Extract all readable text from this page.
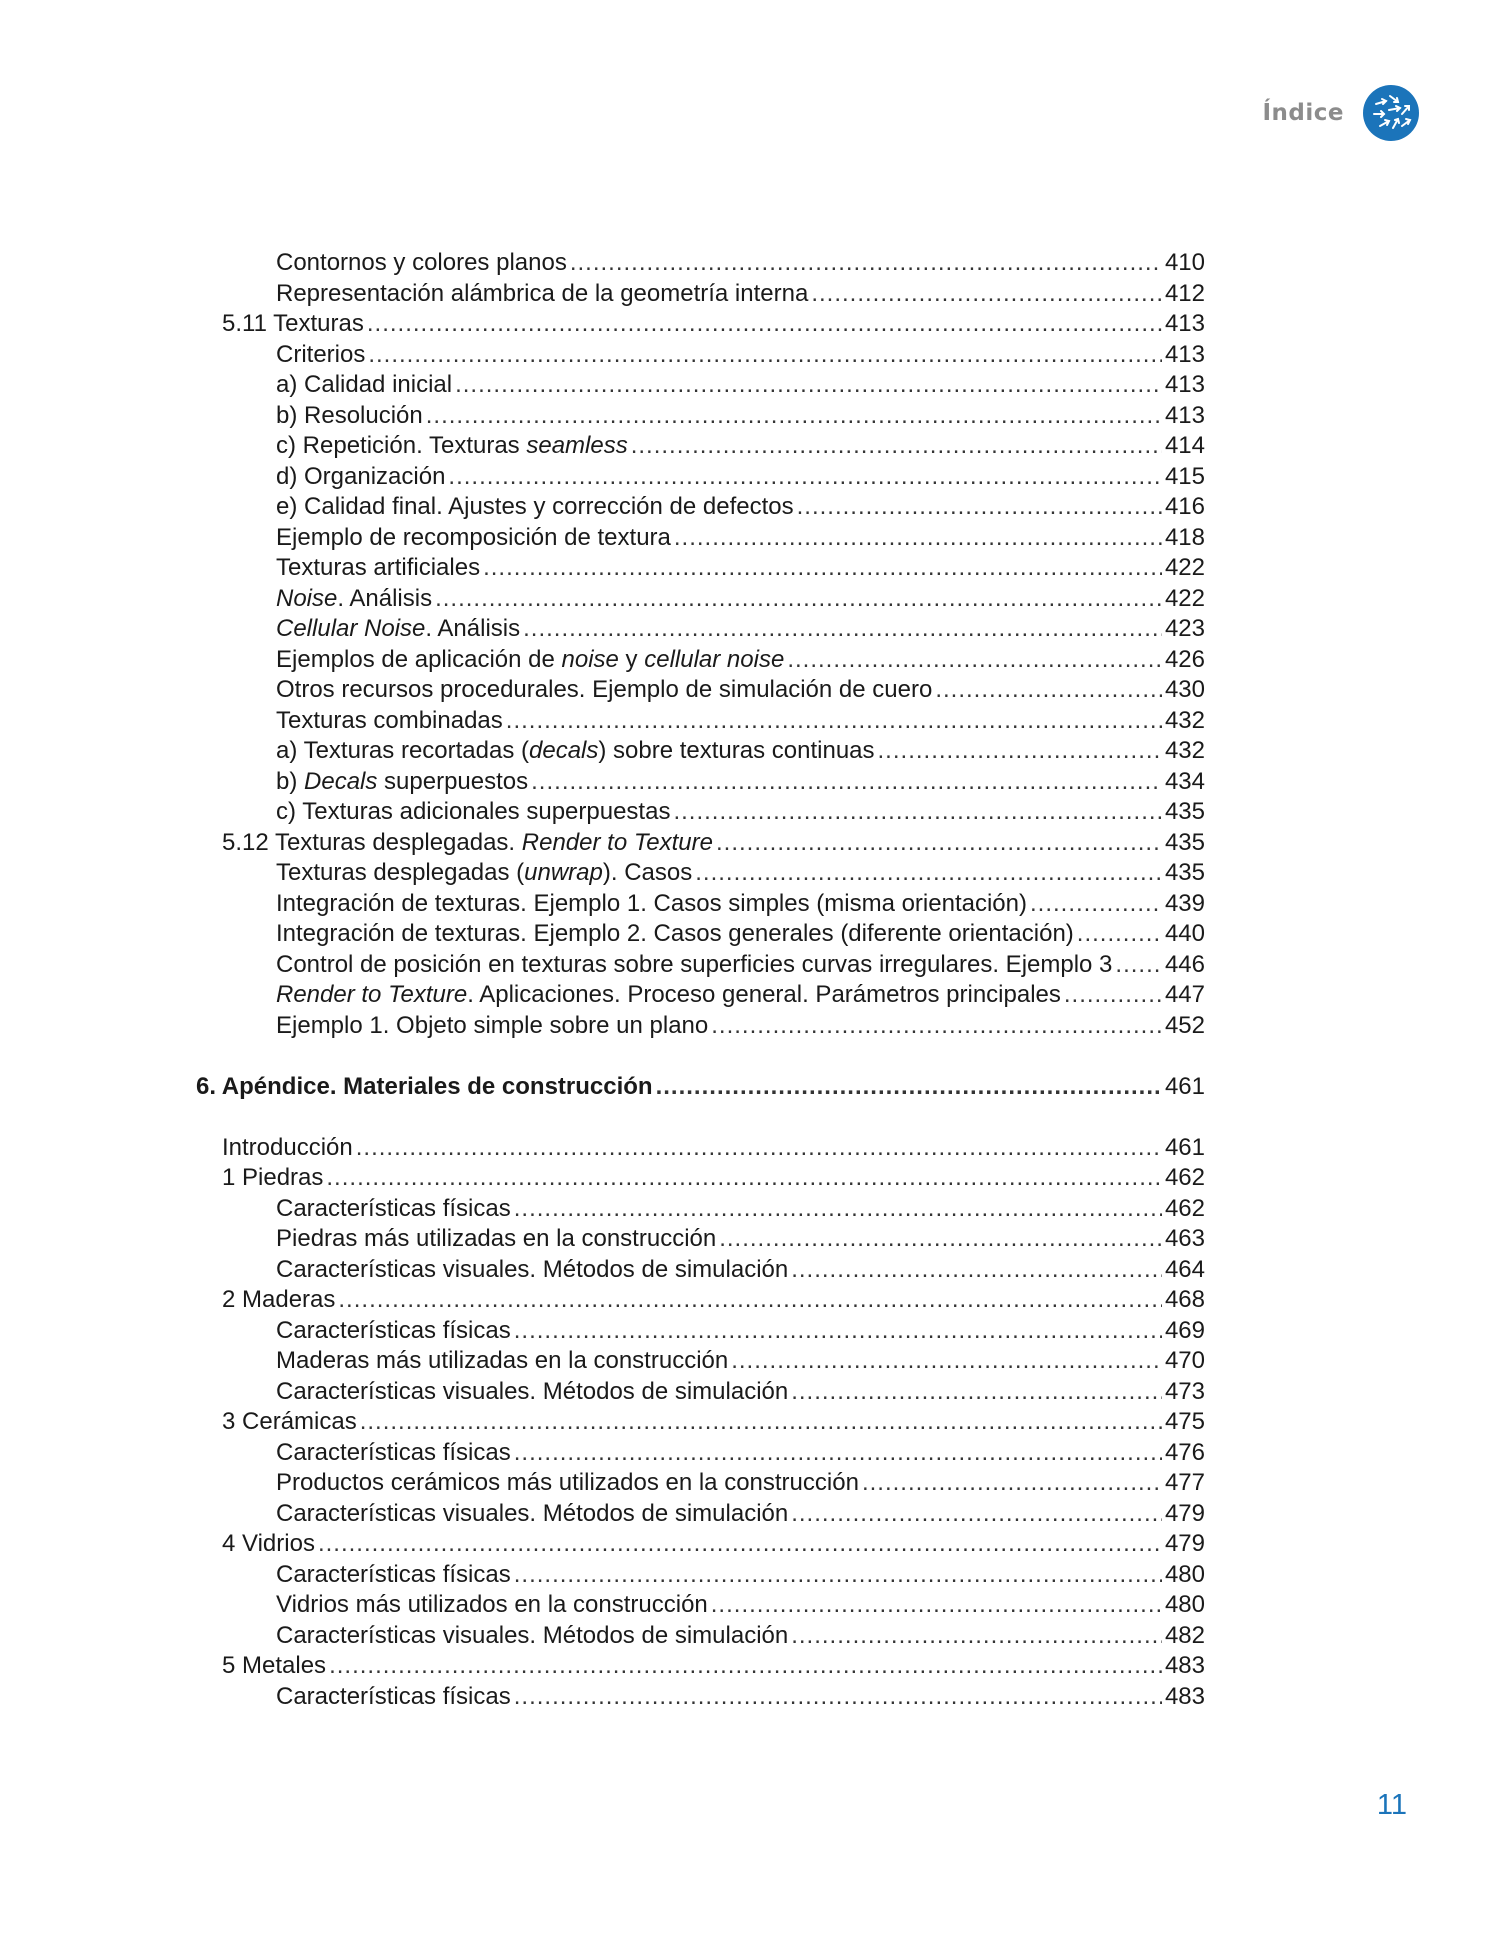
Índice
Contornos y colores planos .....	410
Representación alámbrica de la geometría interna .....	412
5.11 Texturas .....	413
Criterios .....	413
a) Calidad inicial .....	413
b) Resolución .....	413
c) Repetición. Texturas seamless .....	414
d) Organización .....	415
e) Calidad final. Ajustes y corrección de defectos .....	416
Ejemplo de recomposición de textura .....	418
Texturas artificiales .....	422
Noise. Análisis .....	422
Cellular Noise. Análisis .....	423
Ejemplos de aplicación de noise y cellular noise .....	426
Otros recursos procedurales. Ejemplo de simulación de cuero .....	430
Texturas combinadas .....	432
a) Texturas recortadas (decals) sobre texturas continuas .....	432
b) Decals superpuestos .....	434
c) Texturas adicionales superpuestas .....	435
5.12 Texturas desplegadas. Render to Texture .....	435
Texturas desplegadas (unwrap). Casos .....	435
Integración de texturas. Ejemplo 1. Casos simples (misma orientación) .....	439
Integración de texturas. Ejemplo 2. Casos generales (diferente orientación) .....	440
Control de posición en texturas sobre superficies curvas irregulares. Ejemplo 3 ..... 446
Render to Texture. Aplicaciones. Proceso general. Parámetros principales .....	447
Ejemplo 1. Objeto simple sobre un plano .....	452
6. Apéndice. Materiales de construcción .....	461
Introducción .....	461
1 Piedras .....	462
Características físicas .....	462
Piedras más utilizadas en la construcción .....	463
Características visuales. Métodos de simulación .....	464
2 Maderas .....	468
Características físicas .....	469
Maderas más utilizadas en la construcción .....	470
Características visuales. Métodos de simulación .....	473
3 Cerámicas .....	475
Características físicas .....	476
Productos cerámicos más utilizados en la construcción .....	477
Características visuales. Métodos de simulación .....	479
4 Vidrios .....	479
Características físicas .....	480
Vidrios más utilizados en la construcción .....	480
Características visuales. Métodos de simulación .....	482
5 Metales .....	483
Características físicas .....	483
11
